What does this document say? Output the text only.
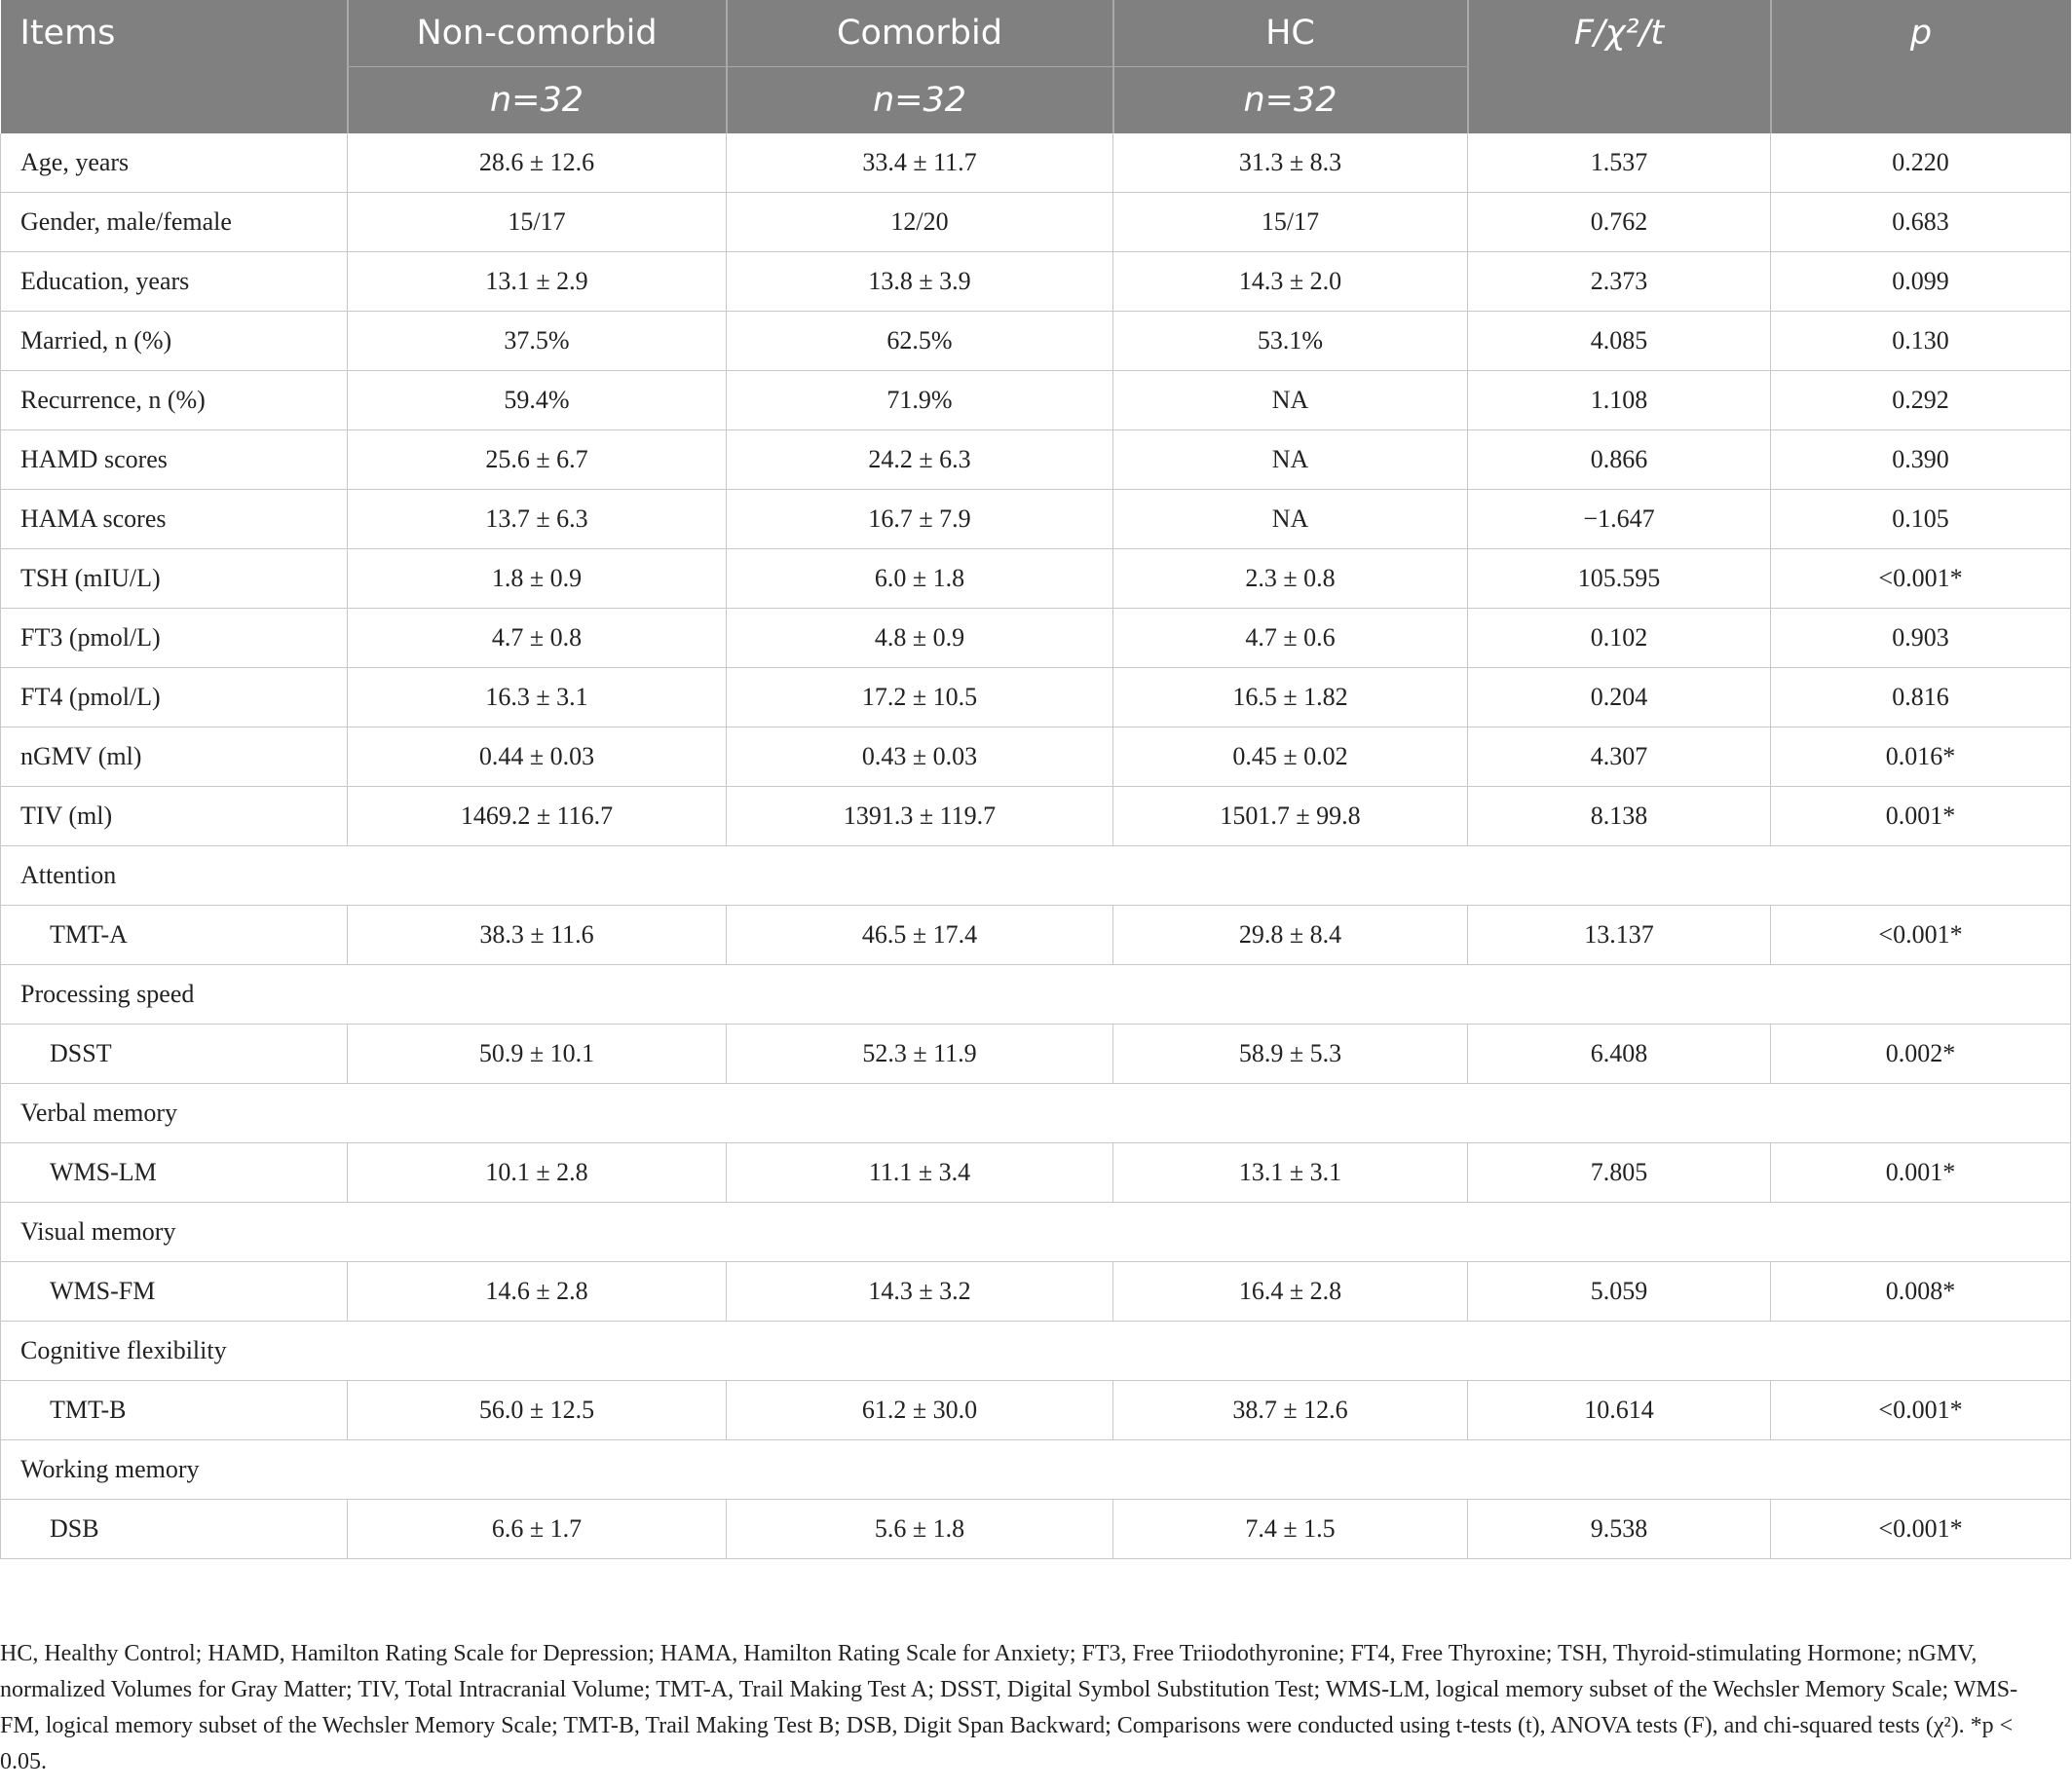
Items	Non-comorbid	Comorbid	HC	F/χ²/t	p
	n=32	n=32	n=32		
Age, years	28.6 ± 12.6	33.4 ± 11.7	31.3 ± 8.3	1.537	0.220
Gender, male/female	15/17	12/20	15/17	0.762	0.683
Education, years	13.1 ± 2.9	13.8 ± 3.9	14.3 ± 2.0	2.373	0.099
Married, n (%)	37.5%	62.5%	53.1%	4.085	0.130
Recurrence, n (%)	59.4%	71.9%	NA	1.108	0.292
HAMD scores	25.6 ± 6.7	24.2 ± 6.3	NA	0.866	0.390
HAMA scores	13.7 ± 6.3	16.7 ± 7.9	NA	−1.647	0.105
TSH (mIU/L)	1.8 ± 0.9	6.0 ± 1.8	2.3 ± 0.8	105.595	<0.001*
FT3 (pmol/L)	4.7 ± 0.8	4.8 ± 0.9	4.7 ± 0.6	0.102	0.903
FT4 (pmol/L)	16.3 ± 3.1	17.2 ± 10.5	16.5 ± 1.82	0.204	0.816
nGMV (ml)	0.44 ± 0.03	0.43 ± 0.03	0.45 ± 0.02	4.307	0.016*
TIV (ml)	1469.2 ± 116.7	1391.3 ± 119.7	1501.7 ± 99.8	8.138	0.001*
Attention					
TMT-A	38.3 ± 11.6	46.5 ± 17.4	29.8 ± 8.4	13.137	<0.001*
Processing speed					
DSST	50.9 ± 10.1	52.3 ± 11.9	58.9 ± 5.3	6.408	0.002*
Verbal memory					
WMS-LM	10.1 ± 2.8	11.1 ± 3.4	13.1 ± 3.1	7.805	0.001*
Visual memory					
WMS-FM	14.6 ± 2.8	14.3 ± 3.2	16.4 ± 2.8	5.059	0.008*
Cognitive flexibility					
TMT-B	56.0 ± 12.5	61.2 ± 30.0	38.7 ± 12.6	10.614	<0.001*
Working memory					
DSB	6.6 ± 1.7	5.6 ± 1.8	7.4 ± 1.5	9.538	<0.001*
HC, Healthy Control; HAMD, Hamilton Rating Scale for Depression; HAMA, Hamilton Rating Scale for Anxiety; FT3, Free Triiodothyronine; FT4, Free Thyroxine; TSH, Thyroid-stimulating Hormone; nGMV, normalized Volumes for Gray Matter; TIV, Total Intracranial Volume; TMT-A, Trail Making Test A; DSST, Digital Symbol Substitution Test; WMS-LM, logical memory subset of the Wechsler Memory Scale; WMS-FM, logical memory subset of the Wechsler Memory Scale; TMT-B, Trail Making Test B; DSB, Digit Span Backward; Comparisons were conducted using t-tests (t), ANOVA tests (F), and chi-squared tests (χ²). *p < 0.05.
